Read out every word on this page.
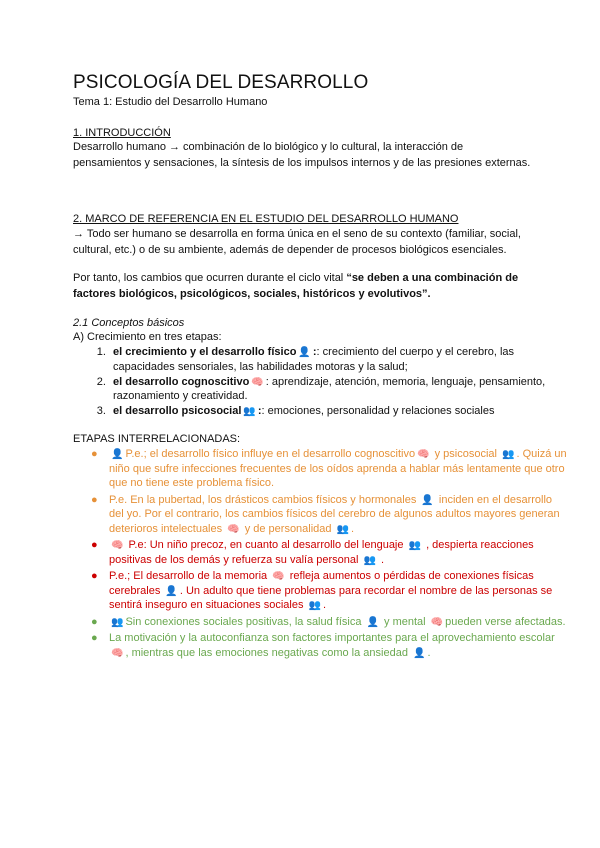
PSICOLOGÍA DEL DESARROLLO
Tema 1: Estudio del Desarrollo Humano
1. INTRODUCCIÓN
Desarrollo humano → combinación de lo biológico y lo cultural, la interacción de pensamientos y sensaciones, la síntesis de los impulsos internos y de las presiones externas.
2. MARCO DE REFERENCIA EN EL ESTUDIO DEL DESARROLLO HUMANO
→ Todo ser humano se desarrolla en forma única en el seno de su contexto (familiar, social, cultural, etc.) o de su ambiente, además de depender de procesos biológicos esenciales.
Por tanto, los cambios que ocurren durante el ciclo vital “se deben a una combinación de factores biológicos, psicológicos, sociales, históricos y evolutivos”.
2.1 Conceptos básicos
A) Crecimiento en tres etapas:
1. el crecimiento y el desarrollo físico 👤 :: crecimiento del cuerpo y el cerebro, las capacidades sensoriales, las habilidades motoras y la salud;
2. el desarrollo cognoscitivo 🧠 : aprendizaje, atención, memoria, lenguaje, pensamiento, razonamiento y creatividad.
3. el desarrollo psicosocial 👥 :: emociones, personalidad y relaciones sociales
ETAPAS INTERRELACIONADAS:
● 👤 P.e.; el desarrollo físico influye en el desarrollo cognoscitivo 🧠 y psicosocial 👥 . Quizá un niño que sufre infecciones frecuentes de los oídos aprenda a hablar más lentamente que otro que no tiene este problema físico.
● P.e. En la pubertad, los drásticos cambios físicos y hormonales 👤 inciden en el desarrollo del yo. Por el contrario, los cambios físicos del cerebro de algunos adultos mayores generan deterioros intelectuales 🧠 y de personalidad 👥 .
● 🧠 P.e: Un niño precoz, en cuanto al desarrollo del lenguaje 👥 , despierta reacciones positivas de los demás y refuerza su valía personal 👥 .
● P.e.; El desarrollo de la memoria 🧠 refleja aumentos o pérdidas de conexiones físicas cerebrales 👤 . Un adulto que tiene problemas para recordar el nombre de las personas se sentirá inseguro en situaciones sociales 👥 .
● 👥 Sin conexiones sociales positivas, la salud física 👤 y mental 🧠 pueden verse afectadas.
● La motivación y la autoconfianza son factores importantes para el aprovechamiento escolar 🧠 , mientras que las emociones negativas como la ansiedad 👤 .
